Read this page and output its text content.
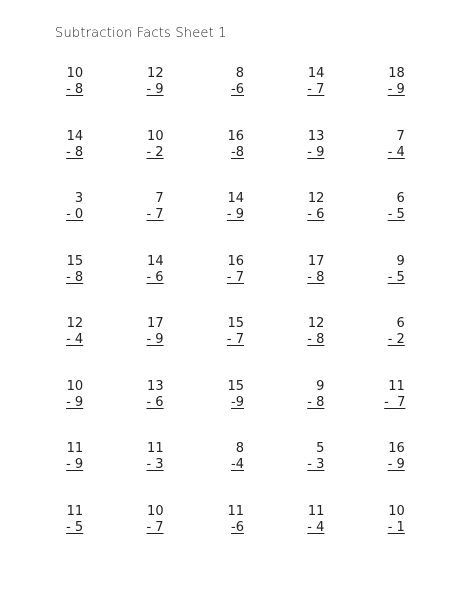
Subtraction Facts Sheet 1
10
- 8
12
- 9
8
-6
14
- 7
18
- 9
14
- 8
10
- 2
16
-8
13
- 9
7
- 4
3
- 0
7
- 7
14
- 9
12
- 6
6
- 5
15
- 8
14
- 6
16
- 7
17
- 8
9
- 5
12
- 4
17
- 9
15
- 7
12
- 8
6
- 2
10
- 9
13
- 6
15
-9
9
- 8
11
-  7
11
- 9
11
- 3
8
-4
5
- 3
16
- 9
11
- 5
10
- 7
11
-6
11
- 4
10
- 1
